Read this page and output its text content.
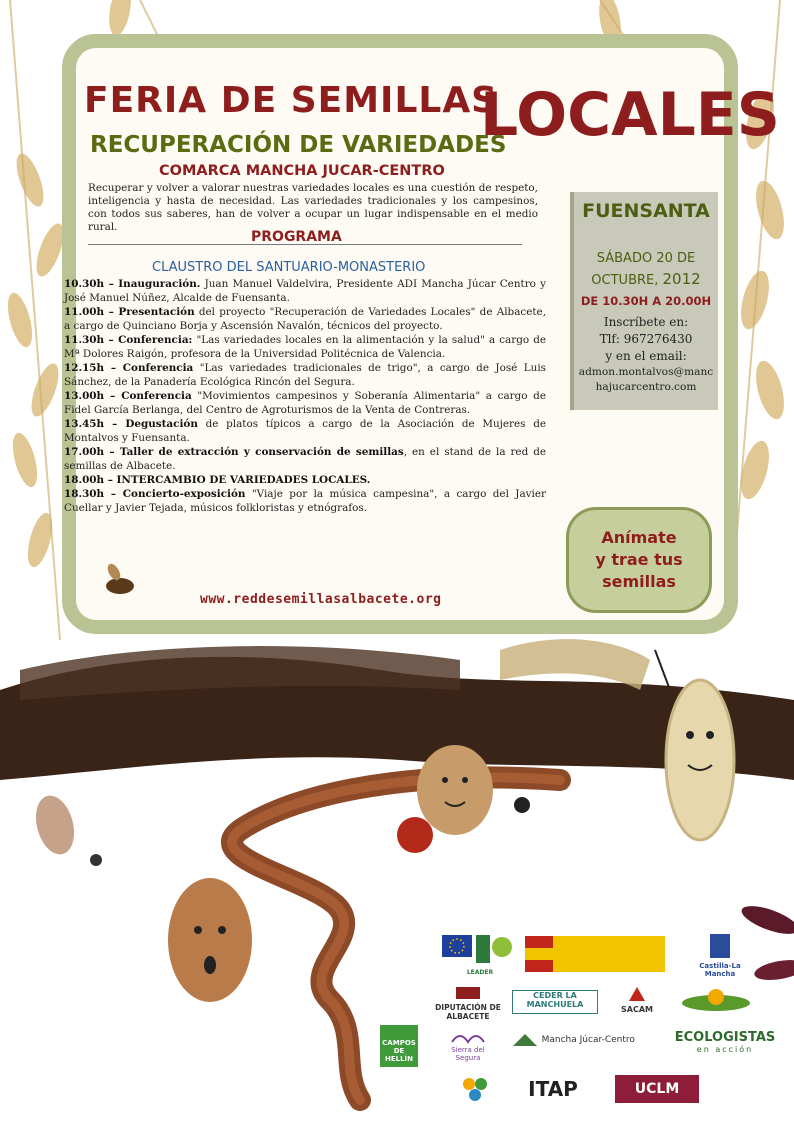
FERIA DE SEMILLAS
LOCALES
RECUPERACIÓN DE VARIEDADES
COMARCA MANCHA JUCAR-CENTRO
Recuperar y volver a valorar nuestras variedades locales es una cuestión de respeto, inteligencia y hasta de necesidad. Las variedades tradicionales y los campesinos, con todos sus saberes, han de volver a ocupar un lugar indispensable en el medio rural.
PROGRAMA
CLAUSTRO DEL SANTUARIO-MONASTERIO

10.30h – Inauguración. Juan Manuel Valdelvira, Presidente ADI Mancha Júcar Centro y José Manuel Núñez, Alcalde de Fuensanta.

11.00h – Presentación del proyecto "Recuperación de Variedades Locales" de Albacete, a cargo de Quinciano Borja y Ascensión Navalón, técnicos del proyecto.

11.30h – Conferencia: "Las variedades locales en la alimentación y la salud" a cargo de Mª Dolores Raigón, profesora de la Universidad Politécnica de Valencia.

12.15h – Conferencia "Las variedades tradicionales de trigo", a cargo de José Luis Sánchez, de la Panadería Ecológica Rincón del Segura.

13.00h – Conferencia "Movimientos campesinos y Soberanía Alimentaria" a cargo de Fidel García Berlanga, del Centro de Agroturismos de la Venta de Contreras.

13.45h – Degustación de platos típicos a cargo de la Asociación de Mujeres de Montalvos y Fuensanta.

17.00h – Taller de extracción y conservación de semillas, en el stand de la red de semillas de Albacete.

18.00h – INTERCAMBIO DE VARIEDADES LOCALES.

18.30h – Concierto-exposición "Viaje por la música campesina", a cargo del Javier Cuellar y Javier Tejada, músicos folkloristas y etnógrafos.

FUENSANTA
SÁBADO 20 DE
OCTUBRE, 2012
DE 10.30H A 20.00H
Inscríbete en:
Tlf: 967276430
y en el email:
admon.montalvos@manchajucarcentro.com
Anímate
y trae tus
semillas
www.reddesemillasalbacete.org
LEADER
Castilla-La Mancha
DIPUTACIÓN DE ALBACETE
CEDER LA MANCHUELA
SACAM
CAMPOS DE HELLÍN
Sierra del Segura
Mancha Júcar-Centro	ECOLOGISTAS
en acción
ITAP	UCLM
